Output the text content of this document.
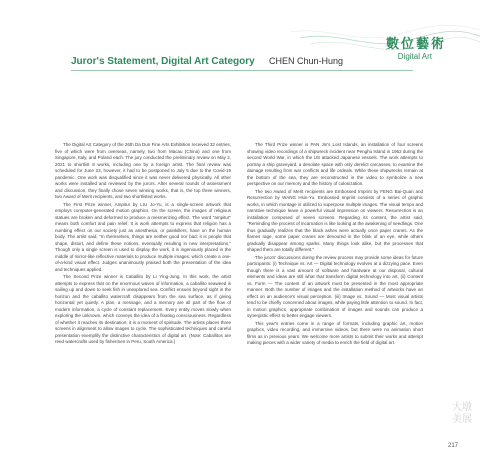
數位藝術
Digital Art
Juror's Statement, Digital Art Category CHEN Chun-Hung

The Digital Art Category of the 26th Da Dun Fine Arts Exhibition received 32 entries, five of which were from overseas, namely, two from Macau (China) and one from Singapore, Italy, and Poland each. The jury conducted the preliminary review on May 2, 2021 to shortlist 8 works, including one by a foreign artist. The final review was scheduled for June 23, however, it had to be postponed to July 5 due to the Covid-19 pandemic. One work was disqualified since it was never delivered physically. All other works were installed and reviewed by the jurors. After several rounds of assessment and discussion, they finally chose seven winning works, that is, the top three winners, two Award of Merit recipients, and two shortlisted works.

The First Prize winner, Ampitur by LIU Jo-Yu, is a single-screen artwork that employs computer-generated motion graphics. On the screen, the images of religious statues are broken and deformed to produce a mesmerizing effect. The word "ampitur" means both comfort and pain relief. It is work attempts to express that religion has a numbing effect on our society just as anesthesia, or painkillers, have on the human body. The artist said, "In themselves, things are neither good nor bad; it is people that shape, distort, and define these notions, eventually resulting in new interpretations." Though only a single screen is used to display the work, it is ingeniously placed in the middle of mirror-like reflective materials to produce multiple images, which create a one-of-a-kind visual effect. Judges unanimously praised both the presentation of the idea and techniques applied.

The Second Prize winner is Caballito by LI Ying-Jung. In this work, the artist attempts to express that on the enormous waves of information, a caballito seaweed is sailing up and down to seek fish in unexplored sea. Conflict ensues beyond sight in the horizon and the caballito watercraft disappears from the sea surface, as if giving horizontal yet quietly. A plan, a message, and a memory are all part of the flow of modern information, a cycle of constant replacement. Every entity moves slowly when exploring the unknown, which conveys the idea of a floating consciousness. Regardless of whether it reaches its destination, it is a moment of spiritude. The artists places three screens in alignment to allow images to cycle. The sophisticated techniques and careful presentation exemplify the distinctive characteristics of digital art. (Note: Caballitos are reed watercrafts used by fishermen in Peru, South America.)

The Third Prize winner is PAN Jin's Lost Islands, an installation of four screens showing video recordings of a shipwreck incident near Penghu Island in 1962 during the second World War, in which the US attacked Japanese vessels. The work attempts to portray a ship graveyard, a desolate space with only derelict carcasses, to examine the damage resulting from war conflicts and life ordeals. While these shipwrecks remain at the bottom of the sea, they are reconstructed in the video to symbolize a new perspective on our memory and the history of colonization.

The two Award of Merit recipients are Embossed Imprint by FENG Bai-Quan and Resurrection by WANG Hsin-Yu. Embossed Imprint consists of a series of graphic works, in which montage is utilized to superpose multiple images. The visual tempo and narrative technique leave a powerful visual impression on viewers. Resurrection is an installation composed of seven screens. Regarding its content, the artist said, "Reminding the process of incarnation is like looking at the awakening of seedlings. One thus gradually realizes that the black ashes were actually once paper cranes. As the flames rage, some paper cranes are devoured in the blink of an eye, while others gradually disappear among sparks. Many things look alike, but the processes that shaped them are totally different."

The jurors' discussions during the review process may provide some ideas for future participants: (i) Technique vs. Art — Digital technology evolves at a dizzying pace. Even though there is a vast amount of software and hardware at our disposal, cultural elements and ideas are still what that transform digital technology into art. (ii) Content vs. Form — The content of an artwork must be presented in the most appropriate manner. Both the number of images and the installation method of artworks have an effect on an audience's visual perception. (iii) Image vs. Sound — Most visual artists tend to be chiefly concerned about images, while paying little attention to sound. In fact, in motion graphics, appropriate combination of images and sounds can produce a synergistic effect to better engage viewers.

This year's entries come in a range of formats, including graphic art, motion graphics, video recording, and immersive videos, but there were no animation short films as in previous years. We welcome more artists to submit their works and attempt making pieces with a wider variety of media to enrich the field of digital art.

大墩美展
217
